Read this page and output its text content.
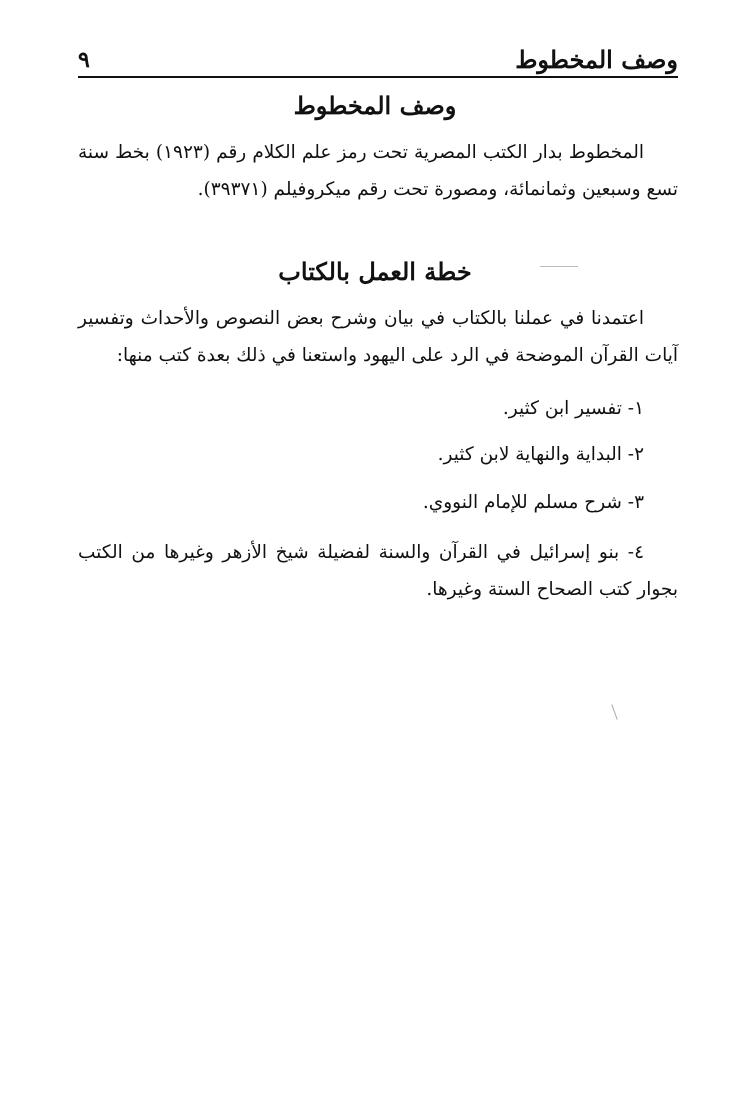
وصف المخطوط
٩
وصف المخطوط

المخطوط بدار الكتب المصرية تحت رمز علم الكلام رقم (١٩٢٣) بخط سنة تسع وسبعين وثمانمائة، ومصورة تحت رقم ميكروفيلم (٣٩٣٧١).

خطة العمل بالكتاب

اعتمدنا في عملنا بالكتاب في بيان وشرح بعض النصوص والأحداث وتفسير آيات القرآن الموضحة في الرد على اليهود واستعنا في ذلك بعدة كتب منها:

١- تفسير ابن كثير.
٢- البداية والنهاية لابن كثير.
٣- شرح مسلم للإمام النووي.
٤- بنو إسرائيل في القرآن والسنة لفضيلة شيخ الأزهر وغيرها من الكتب بجوار كتب الصحاح الستة وغيرها.
